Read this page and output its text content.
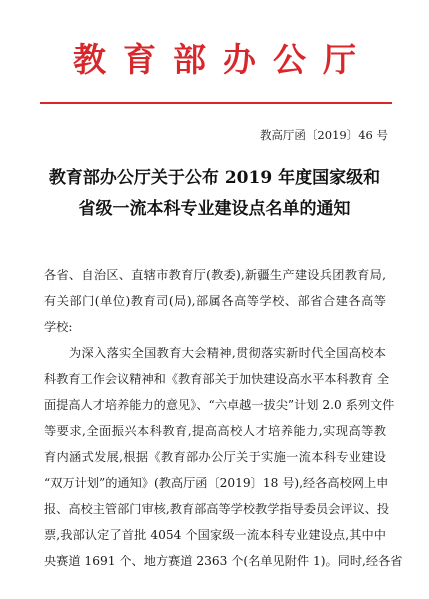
教育部办公厅
教高厅函〔2019〕46 号
教育部办公厅关于公布 2019 年度国家级和
省级一流本科专业建设点名单的通知
各省、自治区、直辖市教育厅(教委),新疆生产建设兵团教育局,
有关部门(单位)教育司(局),部属各高等学校、部省合建各高等
学校:
为深入落实全国教育大会精神,贯彻落实新时代全国高校本
科教育工作会议精神和《教育部关于加快建设高水平本科教育 全
面提高人才培养能力的意见》、“六卓越一拔尖”计划 2.0 系列文件
等要求,全面振兴本科教育,提高高校人才培养能力,实现高等教
育内涵式发展,根据《教育部办公厅关于实施一流本科专业建设
“双万计划”的通知》(教高厅函〔2019〕18 号),经各高校网上申
报、高校主管部门审核,教育部高等学校教学指导委员会评议、投
票,我部认定了首批 4054 个国家级一流本科专业建设点,其中中
央赛道 1691 个、地方赛道 2363 个(名单见附件 1)。同时,经各省
